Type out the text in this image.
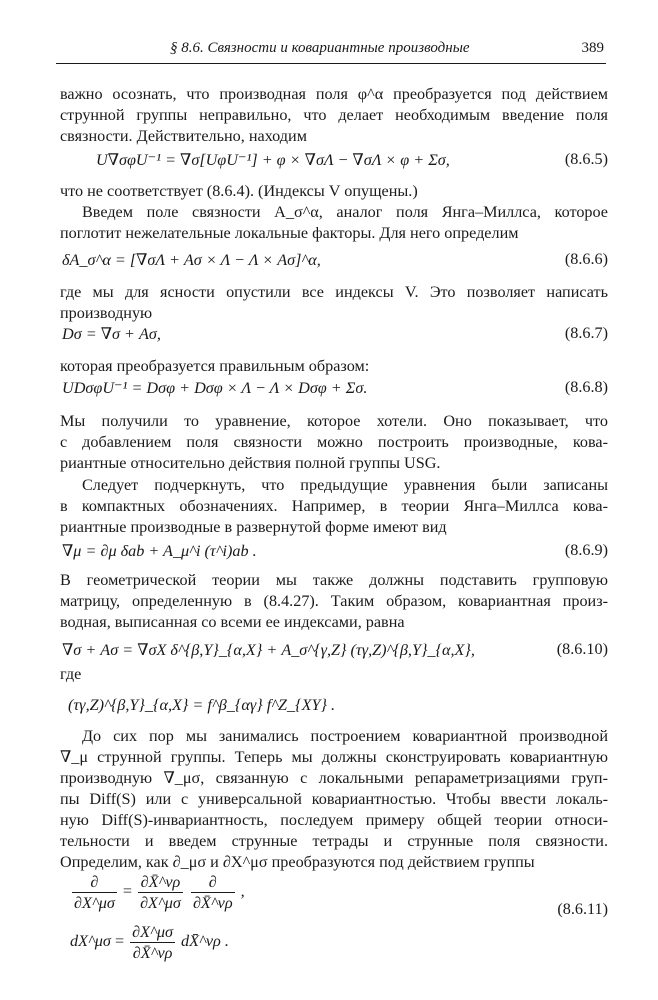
§ 8.6. Связности и ковариантные производные	389
важно осознать, что производная поля φ^α преобразуется под действием
струнной группы неправильно, что делает необходимым введение поля
связности. Действительно, находим
U∇σφU⁻¹ = ∇σ[UφU⁻¹] + φ × ∇σΛ − ∇σΛ × φ + Σσ,	(8.6.5)
что не соответствует (8.6.4). (Индексы V опущены.)
Введем поле связности A_σ^α, аналог поля Янга–Миллса, которое
поглотит нежелательные локальные факторы. Для него определим
δA_σ^α = [∇σΛ + Aσ × Λ − Λ × Aσ]^α,	(8.6.6)
где мы для ясности опустили все индексы V. Это позволяет написать
производную
Dσ = ∇σ + Aσ,	(8.6.7)
которая преобразуется правильным образом:
UDσφU⁻¹ = Dσφ + Dσφ × Λ − Λ × Dσφ + Σσ.	(8.6.8)
Мы получили то уравнение, которое хотели. Оно показывает, что
с добавлением поля связности можно построить производные, кова-
риантные относительно действия полной группы USG.
Следует подчеркнуть, что предыдущие уравнения были записаны
в компактных обозначениях. Например, в теории Янга–Миллса кова-
риантные производные в развернутой форме имеют вид
∇μ = ∂μ δab + A_μ^i (τ^i)ab .	(8.6.9)
В геометрической теории мы также должны подставить групповую
матрицу, определенную в (8.4.27). Таким образом, ковариантная произ-
водная, выписанная со всеми ее индексами, равна
∇σ + Aσ = ∇σX δ^{β,Y}_{α,X} + A_σ^{γ,Z} (τγ,Z)^{β,Y}_{α,X},	(8.6.10)
где
(τγ,Z)^{β,Y}_{α,X} = f^β_{αγ} f^Z_{XY} .
До сих пор мы занимались построением ковариантной производной
∇_μ струнной группы. Теперь мы должны сконструировать ковариантную
производную ∇_μσ, связанную с локальными репараметризациями груп-
пы Diff(S) или с универсальной ковариантностью. Чтобы ввести локаль-
ную Diff(S)-инвариантность, последуем примеру общей теории относи-
тельности и введем струнные тетрады и струнные поля связности.
Определим, как ∂_μσ и ∂X^μσ преобразуются под действием группы
$\frac{\partial}{\partial X\^{}\mu\sigma} = \frac{\partial X̄\^{}\nu\rho}{\partial X\^{}\mu\sigma}$
$\frac{\partial}{\partial X̄\^{}\nu\rho}$ ,
dX^μσ = $\frac{\partial X\^{}\mu\sigma}{\partial X̄\^{}\nu\rho}$ dX̄^νρ .
(8.6.11)
